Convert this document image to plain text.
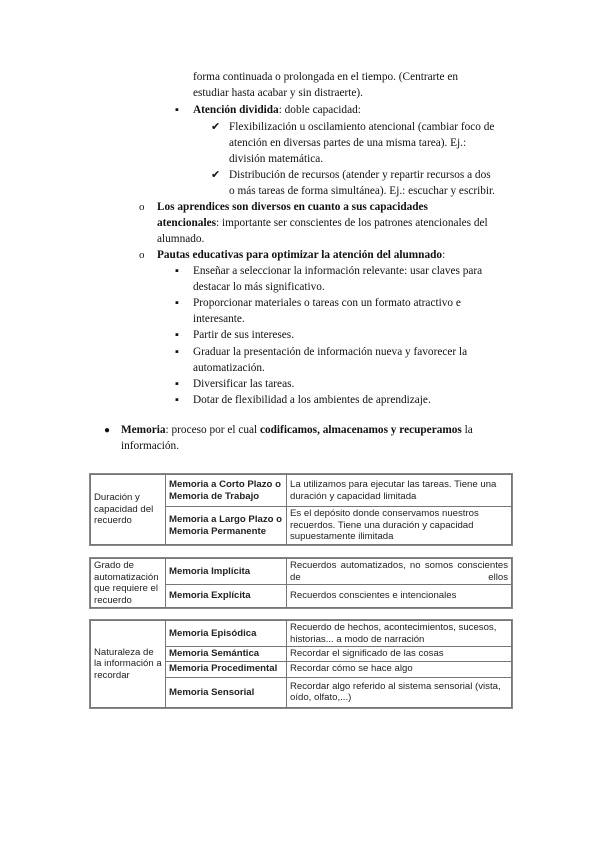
forma continuada o prolongada en el tiempo. (Centrarte en
estudiar hasta acabar y sin distraerte).
▪ Atención dividida: doble capacidad:
✔ Flexibilización u oscilamiento atencional (cambiar foco de
atención en diversas partes de una misma tarea). Ej.:
división matemática.
✔ Distribución de recursos (atender y repartir recursos a dos
o más tareas de forma simultánea). Ej.: escuchar y escribir.
o Los aprendices son diversos en cuanto a sus capacidades
atencionales: importante ser conscientes de los patrones atencionales del
alumnado.
o Pautas educativas para optimizar la atención del alumnado:
▪ Enseñar a seleccionar la información relevante: usar claves para
destacar lo más significativo.
▪ Proporcionar materiales o tareas con un formato atractivo e
interesante.
▪ Partir de sus intereses.
▪ Graduar la presentación de información nueva y favorecer la
automatización.
▪ Diversificar las tareas.
▪ Dotar de flexibilidad a los ambientes de aprendizaje.
● Memoria: proceso por el cual codificamos, almacenamos y recuperamos la
información.
Duración y capacidad del recuerdo	Memoria a Corto Plazo o Memoria de Trabajo	La utilizamos para ejecutar las tareas. Tiene una duración y capacidad limitada
	Memoria a Largo Plazo o Memoria Permanente	Es el depósito donde conservamos nuestros recuerdos. Tiene una duración y capacidad supuestamente ilimitada
Grado de automatización que requiere el recuerdo	Memoria Implícita	Recuerdos automatizados, no somos conscientes de ellos
	Memoria Explícita	Recuerdos conscientes e intencionales
Naturaleza de la información a recordar	Memoria Episódica	Recuerdo de hechos, acontecimientos, sucesos, historias... a modo de narración
	Memoria Semántica	Recordar el significado de las cosas
	Memoria Procedimental	Recordar cómo se hace algo
	Memoria Sensorial	Recordar algo referido al sistema sensorial (vista, oído, olfato,...)
